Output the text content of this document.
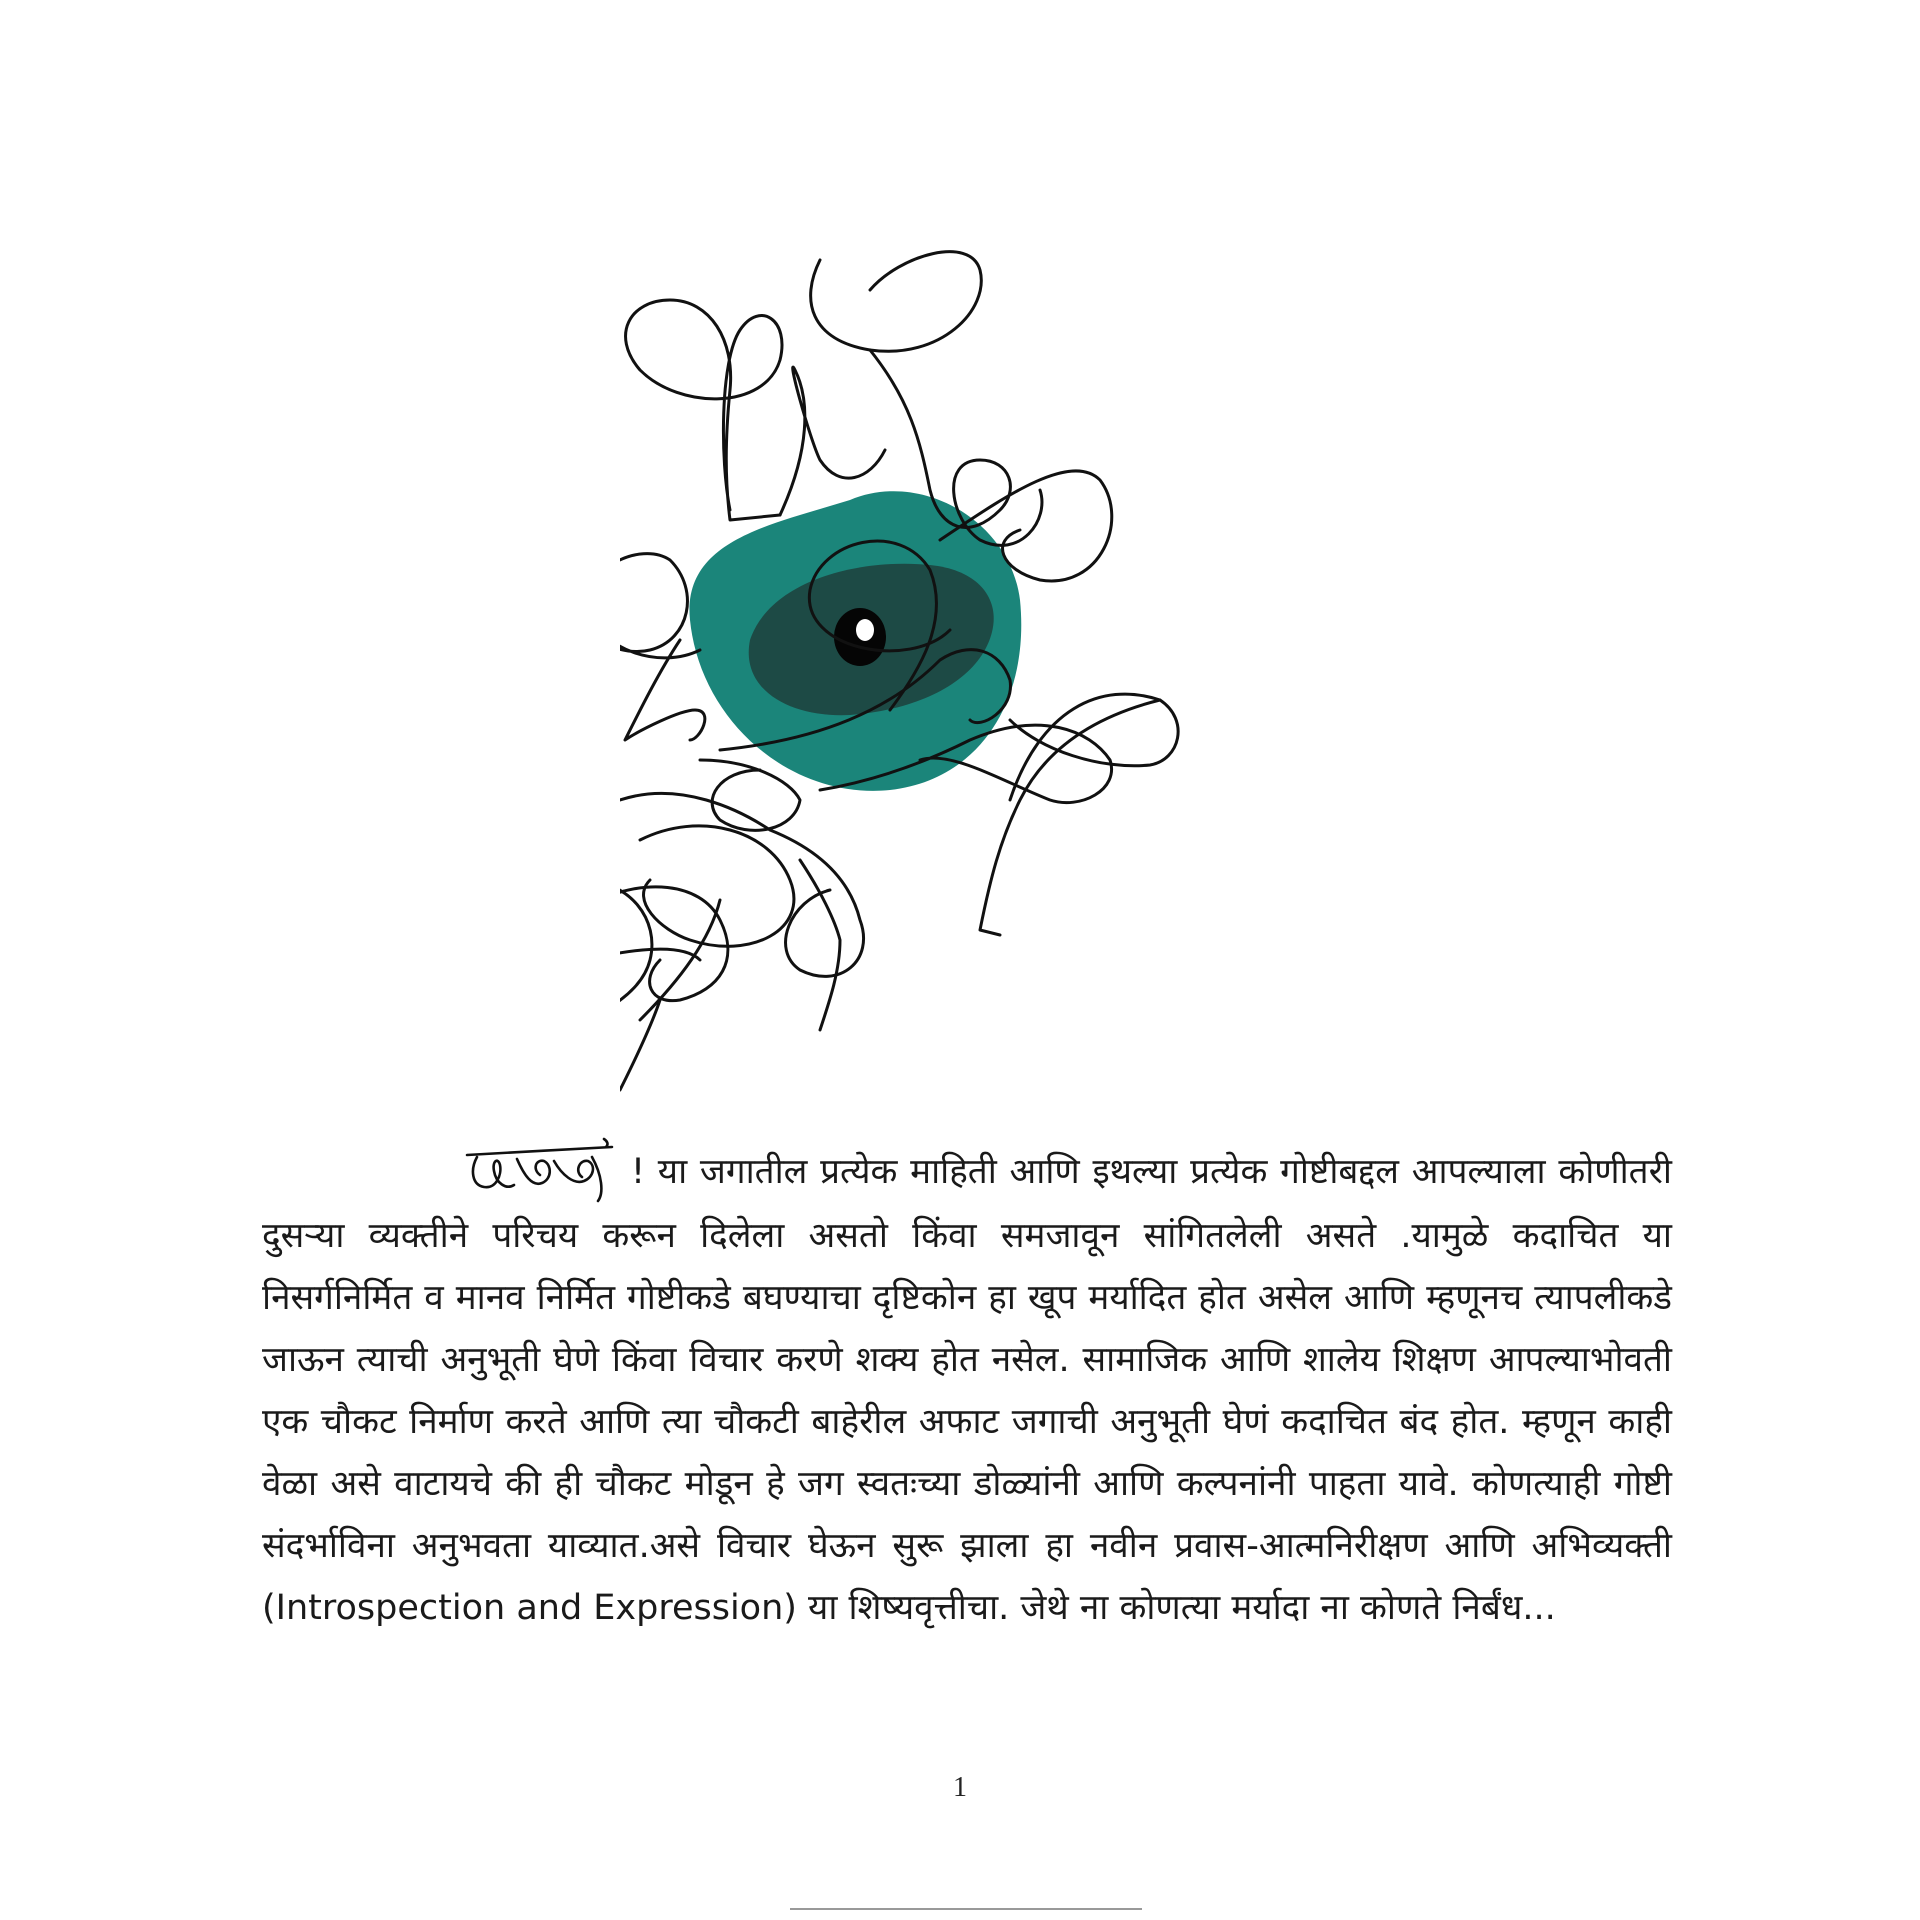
! या जगातील प्रत्येक माहिती आणि इथल्या प्रत्येक गोष्टीबद्दल आपल्याला कोणीतरी दुसऱ्या व्यक्तीने परिचय करून दिलेला असतो किंवा समजावून सांगितलेली असते .यामुळे कदाचित या निसर्गनिर्मित व मानव निर्मित गोष्टीकडे बघण्याचा दृष्टिकोन हा खूप मर्यादित होत असेल आणि म्हणूनच त्यापलीकडे जाऊन त्याची अनुभूती घेणे किंवा विचार करणे शक्य होत नसेल. सामाजिक आणि शालेय शिक्षण आपल्याभोवती एक चौकट निर्माण करते आणि त्या चौकटी बाहेरील अफाट जगाची अनुभूती घेणं कदाचित बंद होत. म्हणून काही वेळा असे वाटायचे की ही चौकट मोडून हे जग स्वतःच्या डोळ्यांनी आणि कल्पनांनी पाहता यावे. कोणत्याही गोष्टी संदर्भाविना अनुभवता याव्यात.असे विचार घेऊन सुरू झाला हा नवीन प्रवास-आत्मनिरीक्षण आणि अभिव्यक्ती (Introspection and Expression) या शिष्यवृत्तीचा. जेथे ना कोणत्या मर्यादा ना कोणते निर्बंध...

1
